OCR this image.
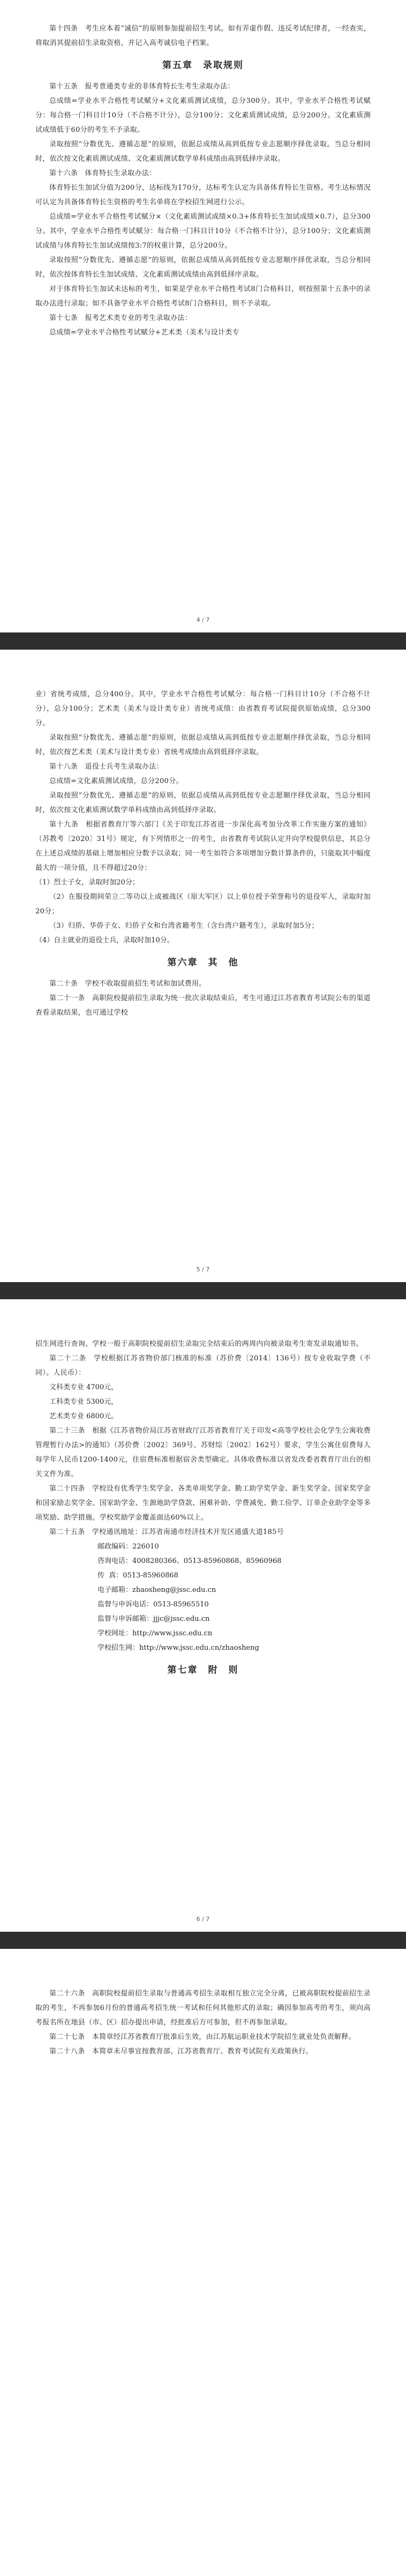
第十四条　考生应本着“诚信”的原则参加提前招生考试。如有弄虚作假、违反考试纪律者，一经查实，将取消其提前招生录取资格，并记入高考诚信电子档案。
第五章　录取规则
第十五条　报考普通类专业的非体育特长生考生录取办法：
总成绩=学业水平合格性考试赋分+文化素质测试成绩，总分300分。其中，学业水平合格性考试赋分：每合格一门科目计10分（不合格不计分），总分100分；文化素质测试成绩，总分200分。文化素质测试成绩低于60分的考生不予录取。
录取按照“分数优先、遵循志愿”的原则，依据总成绩从高到低按专业志愿顺序择优录取。当总分相同时，依次按文化素质测试成绩、文化素质测试数学单科成绩由高到低择序录取。
第十六条　体育特长生录取办法：
体育特长生加试分值为200分，达标线为170分，达标考生认定为具备体育特长生资格。考生达标情况可认定为具备体育特长生资格的考生名单将在学校招生网进行公示。
总成绩=学业水平合格性考试赋分×（文化素质测试成绩×0.3+体育特长生加试成绩×0.7），总分300分。其中，学业水平合格性考试赋分：每合格一门科目计10分（不合格不计分），总分100分；文化素质测试成绩与体育特长生加试成绩按3:7的权重计算，总分200分。
录取按照“分数优先、遵循志愿”的原则，依据总成绩从高到低按专业志愿顺序择优录取，当总分相同时，依次按体育特长生加试成绩、文化素质测试成绩由高到低择序录取。
对于体育特长生加试未达标的考生，如果是学业水平合格性考试8门合格科目，则按照第十五条中的录取办法进行录取；如不具备学业水平合格性考试8门合格科目，则不予录取。
第十七条　报考艺术类专业的考生录取办法：
总成绩=学业水平合格性考试赋分+艺术类（美术与设计类专
4 / 7
业）省统考成绩，总分400分。其中，学业水平合格性考试赋分：每合格一门科目计10分（不合格不计分），总分100分；艺术类（美术与设计类专业）省统考成绩：由省教育考试院提供原始成绩，总分300分。
录取按照“分数优先、遵循志愿”的原则，依据总成绩从高到低按专业志愿顺序择优录取，当总分相同时，依次按艺术类（美术与设计类专业）省统考成绩由高到低择序录取。
第十八条　退役士兵考生录取办法：
总成绩=文化素质测试成绩，总分200分。
录取按照“分数优先、遵循志愿”的原则，依据总成绩从高到低按专业志愿顺序择优录取，当总分相同时，依次按文化素质测试数学单科成绩由高到低择序录取。
第十九条　根据省教育厅等六部门《关于印发江苏省进一步深化高考加分改革工作实施方案的通知》（苏教考〔2020〕31号）规定，有下列情形之一的考生，由省教育考试院认定并向学校提供信息，其总分在上述总成绩的基础上增加相应分数予以录取；同一考生如符合多项增加分数计算条件的，只能取其中幅度最大的一项分值，且不得超过20分：
（1）烈士子女，录取时加20分；
（2）在服役期间荣立二等功以上或被战区（原大军区）以上单位授予荣誉称号的退役军人，录取时加20分；
（3）归侨、华侨子女、归侨子女和台湾省籍考生（含台湾户籍考生），录取时加5分；
（4）自主就业的退役士兵，录取时加10分。
第六章　其　他
第二十条　学校不收取提前招生考试和加试费用。
第二十一条　高职院校提前招生录取为统一批次录取结束后，考生可通过江苏省教育考试院公布的渠道查看录取结果，也可通过学校
5 / 7
招生网进行查询。学校一般于高职院校提前招生录取完全结束后的两周内向被录取考生寄发录取通知书。
第二十二条　学校根据江苏省物价部门核准的标准（苏价费〔2014〕136号）按专业收取学费（不同）。人民币）：
　　文科类专业 4700元，
　　工科类专业 5300元，
　　艺术类专业 6800元。
第二十三条　根据《江苏省物价局江苏省财政厅江苏省教育厅关于印发<高等学校社会化学生公寓收费管理暂行办法>的通知》（苏价费〔2002〕369号、苏财综〔2002〕162号）要求，学生公寓住宿费每人每学年人民币1200-1400元，住宿费标准根据宿舍类型确定。具体收费标准以省发改委省教育厅出台的相关文件为准。
第二十四条　学校设有优秀学生奖学金、各类单项奖学金、勤工助学奖学金、新生奖学金、国家奖学金和国家励志奖学金、国家助学金、生源地助学贷款、困难补助、学费减免、勤工俭学、订单企业助学金等多项奖励、助学措施。学校奖励学金覆盖面达60%以上。
第二十五条　学校通讯地址：江苏省南通市经济技术开发区通盛大道185号
邮政编码：226010
咨询电话：4008280366、0513-85960868、85960968
传  真：0513-85960868
电子邮箱：zhaosheng@jssc.edu.cn
监督与申诉电话：0513-85965510
监督与申诉邮箱：jjjc@jssc.edu.cn
学校网址：http://www.jssc.edu.cn
学校招生网：http://www.jssc.edu.cn/zhaosheng
第七章　附　则
6 / 7
第二十六条　高职院校提前招生录取与普通高考招生录取相互独立完全分离，已被高职院校提前招生录取的考生，不再参加6月份的普通高考招生统一考试和任何其他形式的录取；确因参加高考的考生，须向高考报名所在地县（市、区）招办提出申请，经批准后方可参加，但不再参加录取。
第二十七条　本简章经江苏省教育厅批准后生效，由江苏航运职业技术学院招生就业处负责解释。
第二十八条　本简章未尽事宜按教育部、江苏省教育厅、教育考试院有关政策执行。
